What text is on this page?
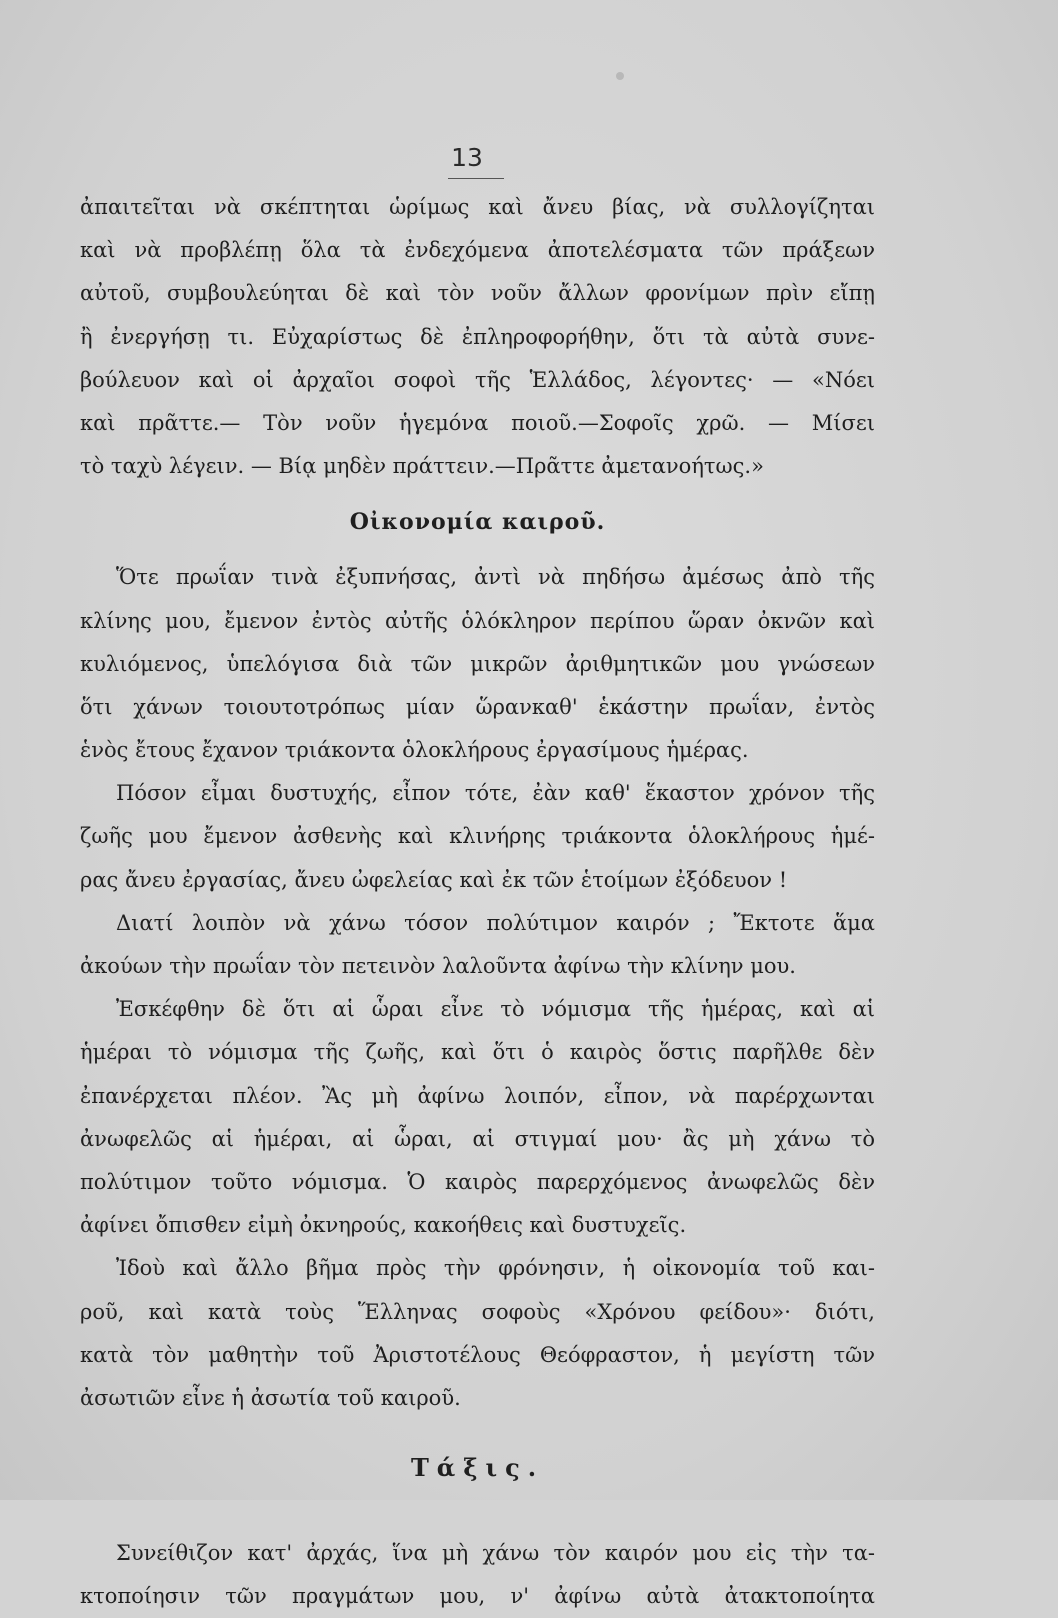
13
ἀπαιτεῖται νὰ σκέπτηται ὡρίμως καὶ ἄνευ βίας, νὰ συλλογίζηται
καὶ νὰ προβλέπῃ ὅλα τὰ ἐνδεχόμενα ἀποτελέσματα τῶν πράξεων
αὐτοῦ, συμβουλεύηται δὲ καὶ τὸν νοῦν ἄλλων φρονίμων πρὶν εἴπῃ
ἢ ἐνεργήσῃ τι. Εὐχαρίστως δὲ ἐπληροφορήθην, ὅτι τὰ αὐτὰ συνε-
βούλευον καὶ οἱ ἀρχαῖοι σοφοὶ τῆς Ἑλλάδος, λέγοντες· — «Νόει
καὶ πρᾶττε.— Τὸν νοῦν ἡγεμόνα ποιοῦ.—Σοφοῖς χρῶ. — Μίσει
τὸ ταχὺ λέγειν. — Βίᾳ μηδὲν πράττειν.—Πρᾶττε ἀμετανοήτως.»
Οἰκονομία καιροῦ.
Ὅτε πρωΐαν τινὰ ἐξυπνήσας, ἀντὶ νὰ πηδήσω ἀμέσως ἀπὸ τῆς
κλίνης μου, ἔμενον ἐντὸς αὐτῆς ὁλόκληρον περίπου ὥραν ὀκνῶν καὶ
κυλιόμενος, ὑπελόγισα διὰ τῶν μικρῶν ἀριθμητικῶν μου γνώσεων
ὅτι χάνων τοιουτοτρόπως μίαν ὥρανκαθ' ἑκάστην πρωΐαν, ἐντὸς
ἑνὸς ἔτους ἔχανον τριάκοντα ὁλοκλήρους ἐργασίμους ἡμέρας.
Πόσον εἶμαι δυστυχής, εἶπον τότε, ἐὰν καθ' ἕκαστον χρόνον τῆς
ζωῆς μου ἔμενον ἀσθενὴς καὶ κλινήρης τριάκοντα ὁλοκλήρους ἡμέ-
ρας ἄνευ ἐργασίας, ἄνευ ὠφελείας καὶ ἐκ τῶν ἑτοίμων ἐξόδευον !
Διατί λοιπὸν νὰ χάνω τόσον πολύτιμον καιρόν ; Ἔκτοτε ἅμα
ἀκούων τὴν πρωΐαν τὸν πετεινὸν λαλοῦντα ἀφίνω τὴν κλίνην μου.
Ἐσκέφθην δὲ ὅτι αἱ ὧραι εἶνε τὸ νόμισμα τῆς ἡμέρας, καὶ αἱ
ἡμέραι τὸ νόμισμα τῆς ζωῆς, καὶ ὅτι ὁ καιρὸς ὅστις παρῆλθε δὲν
ἐπανέρχεται πλέον. Ἂς μὴ ἀφίνω λοιπόν, εἶπον, νὰ παρέρχωνται
ἀνωφελῶς αἱ ἡμέραι, αἱ ὧραι, αἱ στιγμαί μου· ἂς μὴ χάνω τὸ
πολύτιμον τοῦτο νόμισμα. Ὁ καιρὸς παρερχόμενος ἀνωφελῶς δὲν
ἀφίνει ὄπισθεν εἰμὴ ὀκνηρούς, κακοήθεις καὶ δυστυχεῖς.
Ἰδοὺ καὶ ἄλλο βῆμα πρὸς τὴν φρόνησιν, ἡ οἰκονομία τοῦ και-
ροῦ, καὶ κατὰ τοὺς Ἕλληνας σοφοὺς «Χρόνου φείδου»· διότι,
κατὰ τὸν μαθητὴν τοῦ Ἀριστοτέλους Θεόφραστον, ἡ μεγίστη τῶν
ἀσωτιῶν εἶνε ἡ ἀσωτία τοῦ καιροῦ.
Τάξις.
Συνείθιζον κατ' ἀρχάς, ἵνα μὴ χάνω τὸν καιρόν μου εἰς τὴν τα-
κτοποίησιν τῶν πραγμάτων μου, ν' ἀφίνω αὐτὰ ἀτακτοποίητα
